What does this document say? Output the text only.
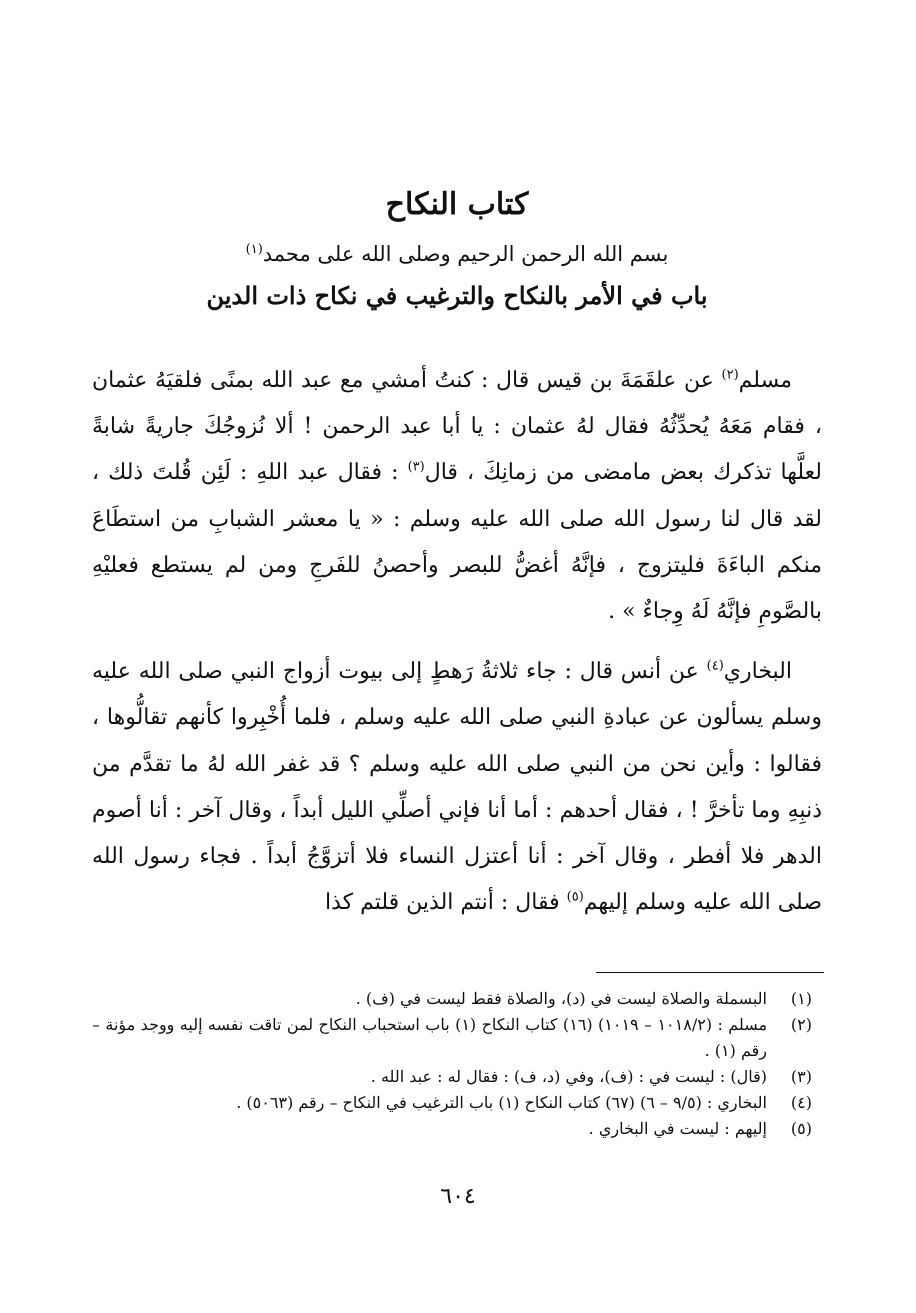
كتاب النكاح
بسم الله الرحمن الرحيم وصلى الله على محمد$^{(١)}$
باب في الأمر بالنكاح والترغيب في نكاح ذات الدين

مسلم$^{(٢)}$ عن علقَمَةَ بن قيس قال : كنتُ أمشي مع عبد الله بمنًى فلقيَهُ عثمان ، فقام مَعَهُ يُحدِّثُهُ فقال لهُ عثمان : يا أبا عبد الرحمن ! ألا نُزوجُكَ جاريةً شابةً لعلَّها تذكرك بعض مامضى من زمانِكَ ، قال$^{(٣)}$ : فقال عبد اللهِ : لَئِن قُلتَ ذلك ، لقد قال لنا رسول الله صلى الله عليه وسلم : « يا معشر الشبابِ من استطَاعَ منكم الباءَةَ فليتزوج ، فإنَّهُ أغضُّ للبصر وأحصنُ للفَرجِ ومن لم يستطع فعليْهِ بالصَّومِ فإنَّهُ لَهُ وِجاءٌ » .

البخاري$^{(٤)}$ عن أنس قال : جاء ثلاثةُ رَهطٍ إلى بيوت أزواج النبي صلى الله عليه وسلم يسألون عن عبادةِ النبي صلى الله عليه وسلم ، فلما أُخْبِروا كأنهم تقالُّوها ، فقالوا : وأين نحن من النبي صلى الله عليه وسلم ؟ قد غفر الله لهُ ما تقدَّم من ذنبِهِ وما تأخرَّ ! ، فقال أحدهم : أما أنا فإني أصلِّي الليل أبداً ، وقال آخر : أنا أصوم الدهر فلا أفطر ، وقال آخر : أنا أعتزل النساء فلا أتزوَّجُ أبداً . فجاء رسول الله صلى الله عليه وسلم إليهم$^{(٥)}$ فقال : أنتم الذين قلتم كذا

(١)
البسملة والصلاة ليست في (د)، والصلاة فقط ليست في (ف) .
(٢)
مسلم : (١٠١٨/٢ – ١٠١٩) (١٦) كتاب النكاح (١) باب استحباب النكاح لمن تاقت نفسه إليه ووجد مؤنة – رقم (١) .
(٣)
(قال) : ليست في : (ف)، وفي (د، ف) : فقال له : عبد الله .
(٤)
البخاري : (٩/٥ – ٦) (٦٧) كتاب النكاح (١) باب الترغيب في النكاح – رقم (٥٠٦٣) .
(٥)
إليهم : ليست في البخاري .
٦٠٤
